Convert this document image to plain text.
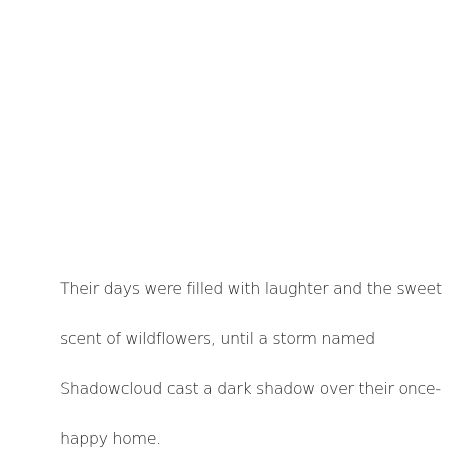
Their days were filled with laughter and the sweet
scent of wildflowers, until a storm named
Shadowcloud cast a dark shadow over their once-
happy home.
